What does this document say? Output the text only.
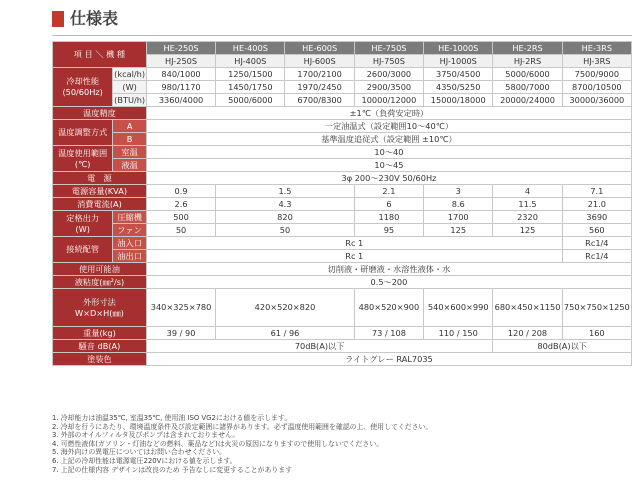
仕様表
項 目 ＼ 機 種		HE-250S	HE-400S	HE-600S	HE-750S	HE-1000S	HE-2RS	HE-3RS
		HJ-250S	HJ-400S	HJ-600S	HJ-750S	HJ-1000S	HJ-2RS	HJ-3RS
冷却性能
(50/60Hz)	(kcal/h)	840/1000	1250/1500	1700/2100	2600/3000	3750/4500	5000/6000	7500/9000
	(W)	980/1170	1450/1750	1970/2450	2900/3500	4350/5250	5800/7000	8700/10500
	(BTU/h)	3360/4000	5000/6000	6700/8300	10000/12000	15000/18000	20000/24000	30000/36000
温度精度		±1℃（負荷安定時）						
温度調整方式	A	一定油温式（設定範囲10〜40℃）						
	B	基準温度追従式（設定範囲 ±10℃）						
温度使用範囲
(℃)	室温	10〜40						
	液温	10〜45						
電　源		3φ 200〜230V 50/60Hz						
電源容量(KVA)		0.9	1.5		2.1	3	4	7.1
消費電流(A)		2.6	4.3		6	8.6	11.5	21.0
定格出力
(W)	圧縮機	500	820		1180	1700	2320	3690
	ファン	50	50		95	125	125	560
接続配管	油入口	Rc 1						Rc1/4
	油出口	Rc 1						Rc1/4
使用可能油		切削液・研磨液・水溶性液体・水						
液粘度(㎜²/s)		0.5〜200						
外形寸法
W×D×H(㎜)		340×325×780	420×520×820		480×520×900	540×600×990	680×450×1150	750×750×1250
重量(kg)		39 / 90	61 / 96		73 / 108	110 / 150	120 / 208	160
騒音 dB(A)		70dB(A)以下					80dB(A)以下	
塗装色		ライトグレー RAL7035						
1. 冷却能力は油温35℃, 室温35℃, 使用油 ISO VG2における値を示します。
2. 冷却を行うにあたり、環境温度条件及び設定範囲に諸界があります。必ず温度使用範囲を確認の上、使用してください。
3. 外部のオイルフィルタ及びポンプは含まれておりません。
4. 可燃性液体(ガソリン・灯油などの燃料、薬品など)は火災の原因になりますので使用しないでください。
5. 海外向けの異電圧についてはお問い合わせください。
6. 上記の冷却性能は電源電圧220Vにおける値を示します。
7. 上記の仕様内容 デザインは改良のため 予告なしに変更することがあります
